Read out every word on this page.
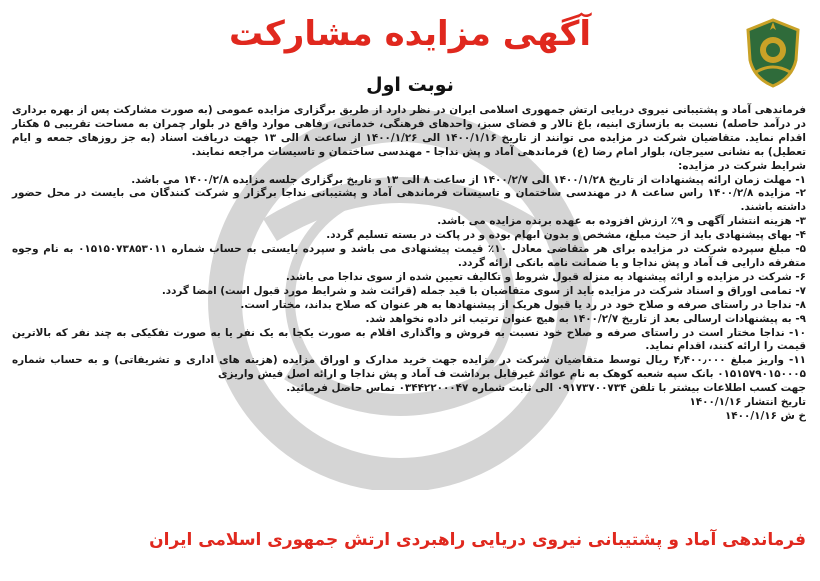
آگهی مزایده مشارکت
نوبت اول

فرماندهی آماد و پشتیبانی نیروی دریایی ارتش جمهوری اسلامی ایران در نظر دارد از طریق برگزاری مزایده عمومی (به صورت مشارکت پس از بهره برداری در درآمد حاصله) نسبت به بازسازی ابنیه، باغ تالار و فضای سبز، واحدهای فرهنگی، خدماتی، رفاهی موارد واقع در بلوار چمران به مساحت تقریبی ۵ هکتار اقدام نماید. متقاضیان شرکت در مزایده می توانند از تاریخ ۱۴۰۰/۱/۱۶ الی ۱۴۰۰/۱/۲۶ از ساعت ۸ الی ۱۳ جهت دریافت اسناد (به جز روزهای جمعه و ایام تعطیل) به نشانی سیرجان، بلوار امام رضا (ع) فرماندهی آماد و پش نداجا - مهندسی ساختمان و تاسیسات مراجعه نمایند.

شرایط شرکت در مزایده:

۱- مهلت زمان ارائه پیشنهادات از تاریخ ۱۴۰۰/۱/۲۸ الی ۱۴۰۰/۲/۷ از ساعت ۸ الی ۱۳ و تاریخ برگزاری جلسه مزایده ۱۴۰۰/۲/۸ می باشد.

۲- مزایده ۱۴۰۰/۲/۸ راس ساعت ۸ در مهندسی ساختمان و تاسیسات فرماندهی آماد و پشتیبانی نداجا برگزار و شرکت کنندگان می بایست در محل حضور داشته باشند.

۳- هزینه انتشار آگهی و ۹٪ ارزش افزوده به عهده برنده مزایده می باشد.

۴- بهای پیشنهادی باید از حیث مبلغ، مشخص و بدون ابهام بوده و در پاکت در بسته تسلیم گردد.

۵- مبلغ سپرده شرکت در مزایده برای هر متقاضی معادل ۱۰٪ قیمت پیشنهادی می باشد و سپرده بایستی به حساب شماره ۰۱۵۱۵۰۷۳۸۵۳۰۱۱ به نام وجوه متفرقه دارایی ف آماد و پش نداجا و یا ضمانت نامه بانکی ارائه گردد.

۶- شرکت در مزایده و ارائه پیشنهاد به منزله قبول شروط و تکالیف تعیین شده از سوی نداجا می باشد.

۷- تمامی اوراق و اسناد شرکت در مزایده باید از سوی متقاضیان با قید جمله (قرائت شد و شرایط مورد قبول است) امضا گردد.

۸- نداجا در راستای صرفه و صلاح خود در رد یا قبول هریک از پیشنهادها به هر عنوان که صلاح بداند، مختار است.

۹- به پیشنهادات ارسالی بعد از تاریخ ۱۴۰۰/۲/۷ به هیچ عنوان ترتیب اثر داده نخواهد شد.

۱۰- نداجا مختار است در راستای صرفه و صلاح خود نسبت به فروش و واگذاری اقلام به صورت یکجا به یک نفر یا به صورت تفکیکی به چند نفر که بالاترین قیمت را ارائه کنند، اقدام نماید.

۱۱- واریز مبلغ ۴٫۴۰۰٫۰۰۰ ریال توسط متقاضیان شرکت در مزایده جهت خرید مدارک و اوراق مزایده (هزینه های اداری و تشریفاتی) و به حساب شماره ۰۱۵۱۵۷۹۰۱۵۰۰۰۵ بانک سپه شعبه کوهک به نام عوائد غیرقابل برداشت ف آماد و پش نداجا و ارائه اصل فیش واریزی

جهت کسب اطلاعات بیشتر با تلفن ۰۹۱۷۳۷۰۰۷۳۴ الی ثابت شماره ۰۳۴۴۲۲۰۰۰۴۷ تماس حاصل فرمائید.

تاریخ انتشار ۱۴۰۰/۱/۱۶

خ ش ۱۴۰۰/۱/۱۶

فرماندهی آماد و پشتیبانی نیروی دریایی راهبردی ارتش جمهوری اسلامی ایران
